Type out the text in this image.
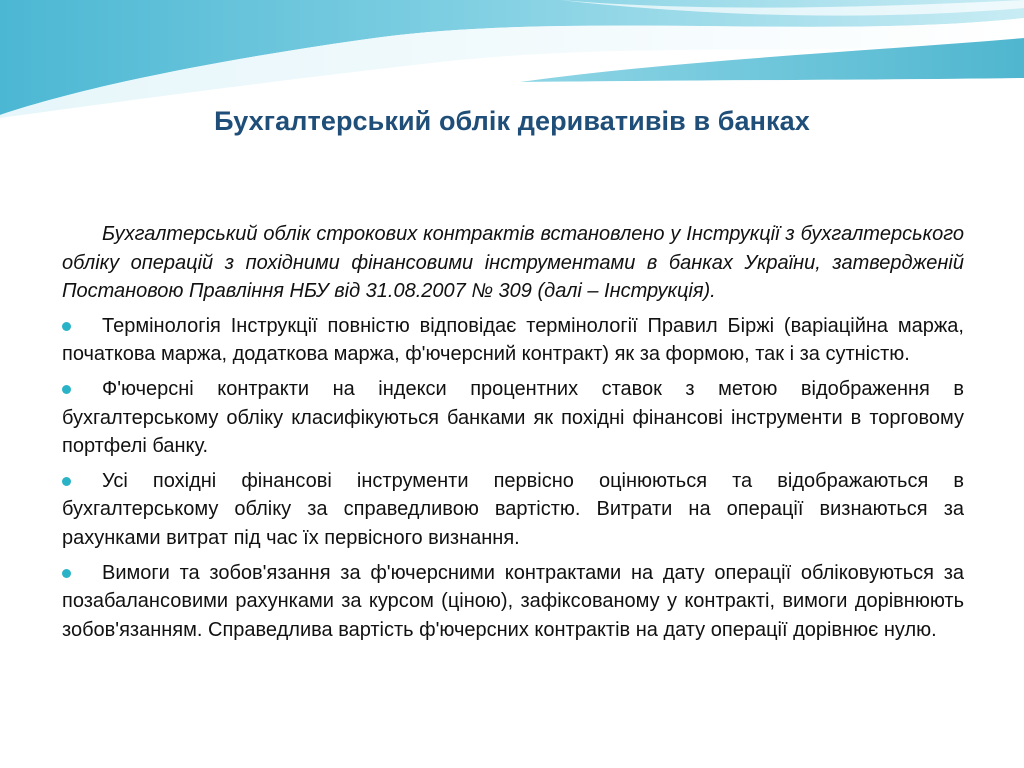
Бухгалтерський облік деривативів в банках

Бухгалтерський облік строкових контрактів встановлено у Інструкції з бухгалтерського обліку операцій з похідними фінансовими інструментами в банках України, затвердженій Постановою Правління НБУ від 31.08.2007 № 309 (далі – Інструкція).

Термінологія Інструкції повністю відповідає термінології Правил Біржі (варіаційна маржа, початкова маржа, додаткова маржа, ф'ючерсний контракт) як за формою, так і за сутністю.
Ф'ючерсні контракти на індекси процентних ставок з метою відображення в бухгалтерському обліку класифікуються банками як похідні фінансові інструменти в торговому портфелі банку.
Усі похідні фінансові інструменти первісно оцінюються та відображаються в бухгалтерському обліку за справедливою вартістю. Витрати на операції визнаються за рахунками витрат під час їх первісного визнання.
Вимоги та зобов'язання за ф'ючерсними контрактами на дату операції обліковуються за позабалансовими рахунками за курсом (ціною), зафіксованому у контракті, вимоги дорівнюють зобов'язанням. Справедлива вартість ф'ючерсних контрактів на дату операції дорівнює нулю.
